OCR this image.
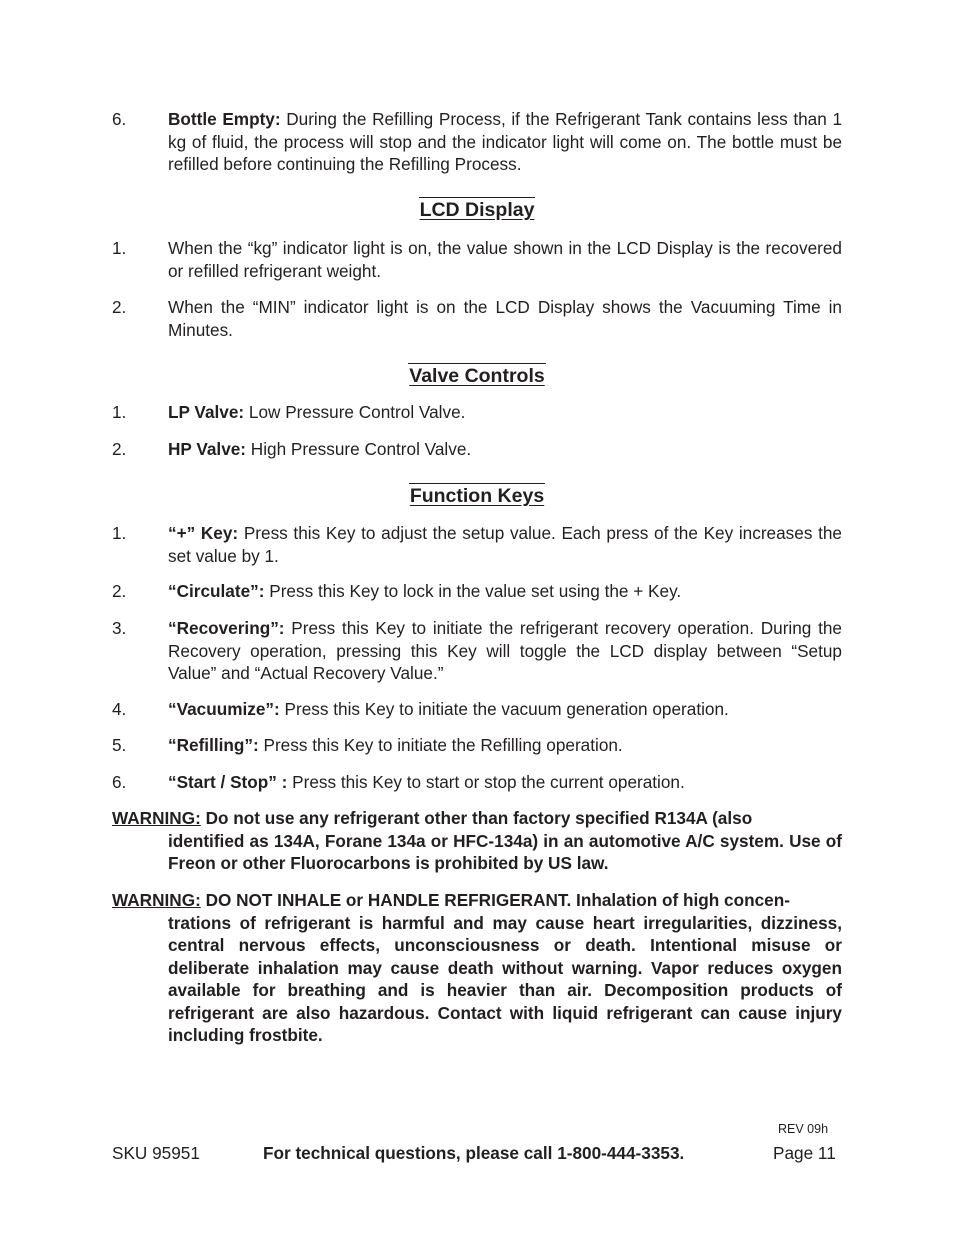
6. Bottle Empty: During the Refilling Process, if the Refrigerant Tank contains less than 1 kg of fluid, the process will stop and the indicator light will come on. The bottle must be refilled before continuing the Refilling Process.
LCD Display
1. When the “kg” indicator light is on, the value shown in the LCD Display is the recovered or refilled refrigerant weight.
2. When the “MIN” indicator light is on the LCD Display shows the Vacuuming Time in Minutes.
Valve Controls
1. LP Valve: Low Pressure Control Valve.
2. HP Valve: High Pressure Control Valve.
Function Keys
1. “+” Key: Press this Key to adjust the setup value. Each press of the Key increases the set value by 1.
2. “Circulate”: Press this Key to lock in the value set using the + Key.
3. “Recovering”: Press this Key to initiate the refrigerant recovery operation. During the Recovery operation, pressing this Key will toggle the LCD display between “Setup Value” and “Actual Recovery Value.”
4. “Vacuumize”: Press this Key to initiate the vacuum generation operation.
5. “Refilling”: Press this Key to initiate the Refilling operation.
6. “Start / Stop” : Press this Key to start or stop the current operation.
WARNING: Do not use any refrigerant other than factory specified R134A (also
identified as 134A, Forane 134a or HFC-134a) in an automotive A/C system. Use of Freon or other Fluorocarbons is prohibited by US law.
WARNING: DO NOT INHALE or HANDLE REFRIGERANT. Inhalation of high concen-
trations of refrigerant is harmful and may cause heart irregularities, dizziness, central nervous effects, unconsciousness or death. Intentional misuse or deliberate inhalation may cause death without warning. Vapor reduces oxygen available for breathing and is heavier than air. Decomposition products of refrigerant are also hazardous. Contact with liquid refrigerant can cause injury including frostbite.
REV 09h
SKU 95951	For technical questions, please call 1-800-444-3353.	Page 11
